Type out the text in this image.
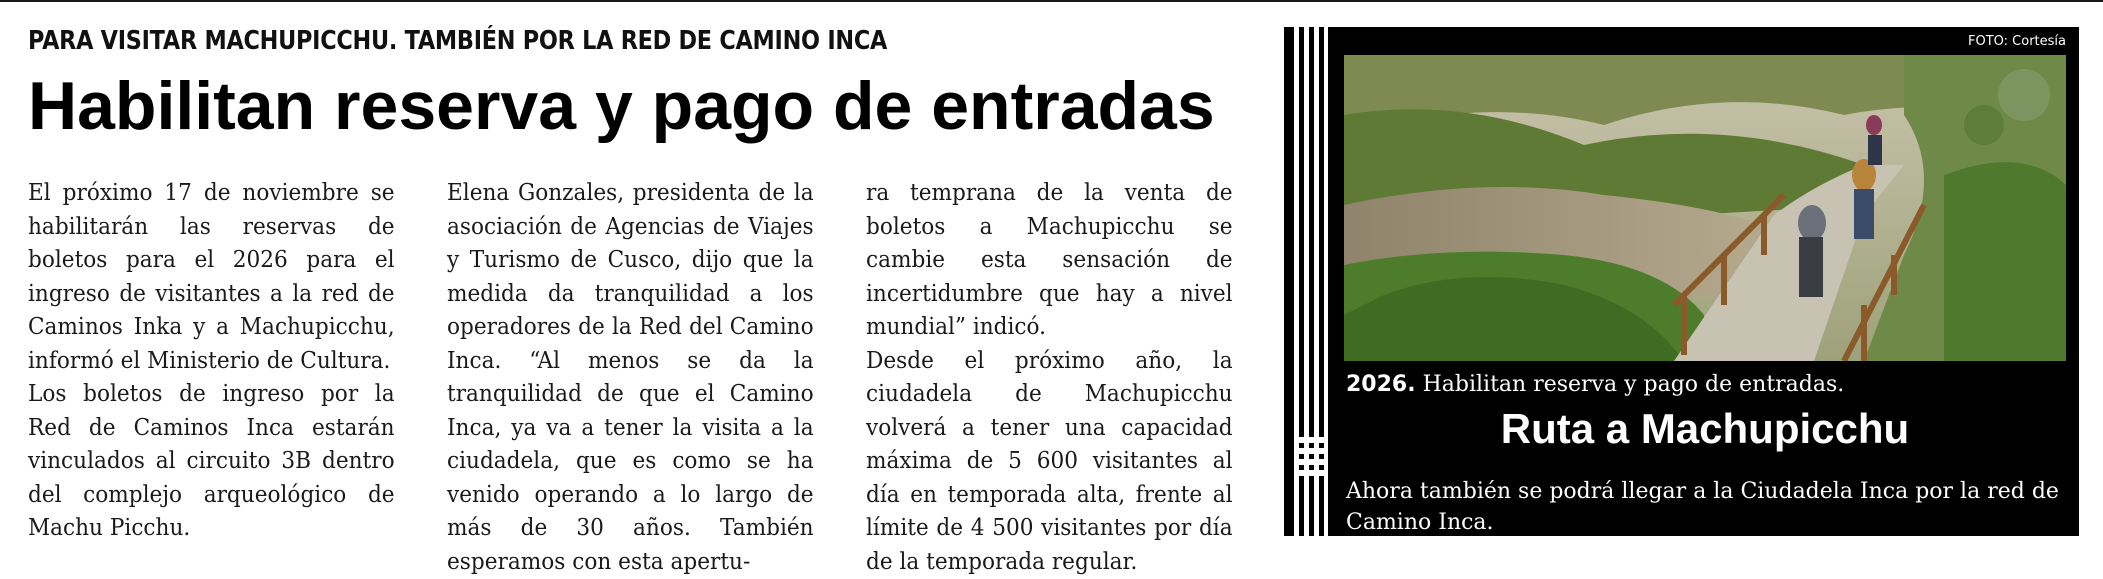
PARA VISITAR MACHUPICCHU. TAMBIÉN POR LA RED DE CAMINO INCA
Habilitan reserva y pago de entradas

El próximo 17 de noviembre se habilitarán las reservas de boletos para el 2026 para el ingreso de visitantes a la red de Caminos Inka y a Machupicchu, informó el Ministerio de Cultura.

Los boletos de ingreso por la Red de Caminos Inca estarán vinculados al circuito 3B dentro del complejo arqueológico de Machu Picchu.

Elena Gonzales, presidenta de la asociación de Agencias de Viajes y Turismo de Cusco, dijo que la medida da tranquilidad a los operadores de la Red del Camino Inca. “Al menos se da la tranquilidad de que el Camino Inca, ya va a tener la visita a la ciudadela, que es como se ha venido operando a lo largo de más de 30 años. También esperamos con esta apertu-

ra temprana de la venta de boletos a Machupicchu se cambie esta sensación de incertidumbre que hay a nivel mundial” indicó.

Desde el próximo año, la ciudadela de Machupicchu volverá a tener una capacidad máxima de 5 600 visitantes al día en temporada alta, frente al límite de 4 500 visitantes por día de la temporada regular.

FOTO: Cortesía
2026. Habilitan reserva y pago de entradas.
Ruta a Machupicchu
Ahora también se podrá llegar a la Ciudadela Inca por la red de Camino Inca.
